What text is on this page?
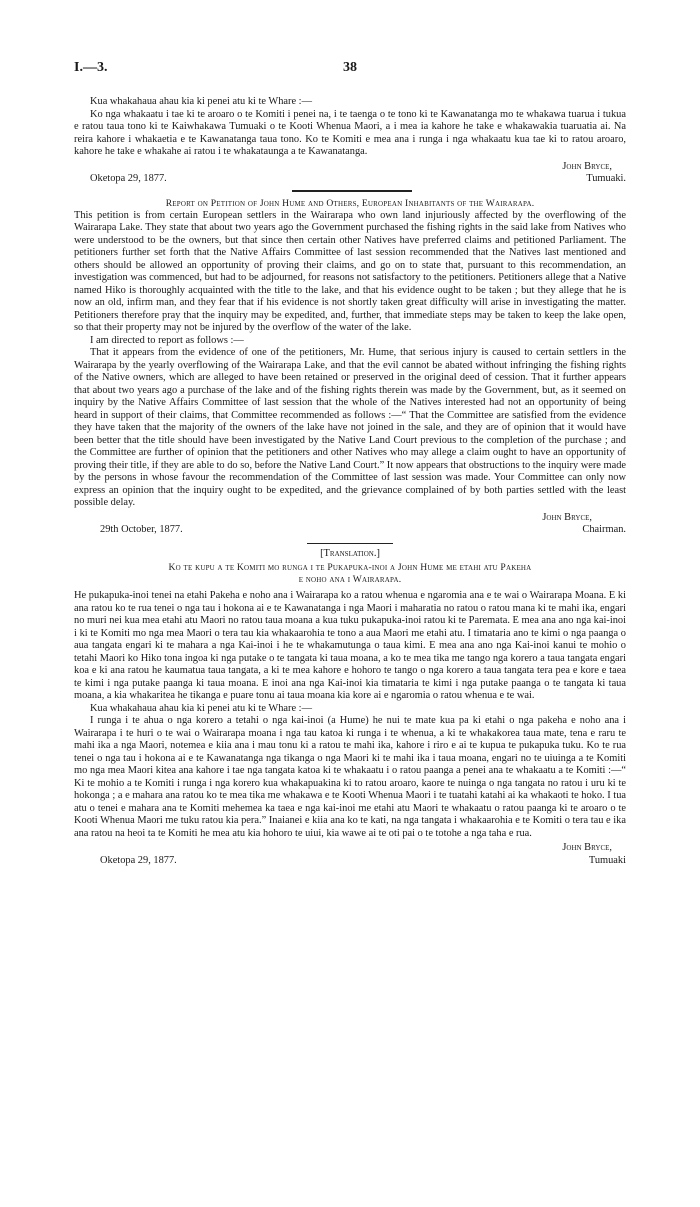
I.—3.	38

Kua whakahaua ahau kia ki penei atu ki te Whare :—

Ko nga whakaatu i tae ki te aroaro o te Komiti i penei na, i te taenga o te tono ki te Kawanatanga mo te whakawa tuarua i tukua e ratou taua tono ki te Kaiwhakawa Tumuaki o te Kooti Whenua Maori, a i mea ia kahore he take e whakawakia tuaruatia ai. Na reira kahore i whakaetia e te Kawanatanga taua tono. Ko te Komiti e mea ana i runga i nga whakaatu kua tae ki to ratou aroaro, kahore he take e whakahe ai ratou i te whakataunga a te Kawanatanga.

John Bryce,
Oketopa 29, 1877.	Tumuaki.

Report on Petition of John Hume and Others, European Inhabitants of the Wairarapa.

This petition is from certain European settlers in the Wairarapa who own land injuriously affected by the overflowing of the Wairarapa Lake. They state that about two years ago the Government purchased the fishing rights in the said lake from Natives who were understood to be the owners, but that since then certain other Natives have preferred claims and petitioned Parliament. The petitioners further set forth that the Native Affairs Committee of last session recommended that the Natives last mentioned and others should be allowed an opportunity of proving their claims, and go on to state that, pursuant to this recommendation, an investigation was commenced, but had to be adjourned, for reasons not satisfactory to the petitioners. Petitioners allege that a Native named Hiko is thoroughly acquainted with the title to the lake, and that his evidence ought to be taken ; but they allege that he is now an old, infirm man, and they fear that if his evidence is not shortly taken great difficulty will arise in investigating the matter. Petitioners therefore pray that the inquiry may be expedited, and, further, that immediate steps may be taken to keep the lake open, so that their property may not be injured by the overflow of the water of the lake.

I am directed to report as follows :—

That it appears from the evidence of one of the petitioners, Mr. Hume, that serious injury is caused to certain settlers in the Wairarapa by the yearly overflowing of the Wairarapa Lake, and that the evil cannot be abated without infringing the fishing rights of the Native owners, which are alleged to have been retained or preserved in the original deed of cession. That it further appears that about two years ago a purchase of the lake and of the fishing rights therein was made by the Government, but, as it seemed on inquiry by the Native Affairs Committee of last session that the whole of the Natives interested had not an opportunity of being heard in support of their claims, that Committee recommended as follows :—“ That the Committee are satisfied from the evidence they have taken that the majority of the owners of the lake have not joined in the sale, and they are of opinion that it would have been better that the title should have been investigated by the Native Land Court previous to the completion of the purchase ; and the Committee are further of opinion that the petitioners and other Natives who may allege a claim ought to have an opportunity of proving their title, if they are able to do so, before the Native Land Court.” It now appears that obstructions to the inquiry were made by the persons in whose favour the recommendation of the Committee of last session was made. Your Committee can only now express an opinion that the inquiry ought to be expedited, and the grievance complained of by both parties settled with the least possible delay.

John Bryce,
29th October, 1877.	Chairman.

[Translation.]

Ko te kupu a te Komiti mo runga i te Pukapuka-inoi a John Hume me etahi atu Pakeha

e noho ana i Wairarapa.

He pukapuka-inoi tenei na etahi Pakeha e noho ana i Wairarapa ko a ratou whenua e ngaromia ana e te wai o Wairarapa Moana. E ki ana ratou ko te rua tenei o nga tau i hokona ai e te Kawanatanga i nga Maori i maharatia no ratou o ratou mana ki te mahi ika, engari no muri nei kua mea etahi atu Maori no ratou taua moana a kua tuku pukapuka-inoi ratou ki te Paremata. E mea ana ano nga kai-inoi i ki te Komiti mo nga mea Maori o tera tau kia whakaarohia te tono a aua Maori me etahi atu. I timataria ano te kimi o nga paanga o aua tangata engari ki te mahara a nga Kai-inoi i he te whakamutunga o taua kimi. E mea ana ano nga Kai-inoi kanui te mohio o tetahi Maori ko Hiko tona ingoa ki nga putake o te tangata ki taua moana, a ko te mea tika me tango nga korero a taua tangata engari koa e ki ana ratou he kaumatua taua tangata, a ki te mea kahore e hohoro te tango o nga korero a taua tangata tera pea e kore e taea te kimi i nga putake paanga ki taua moana. E inoi ana nga Kai-inoi kia timataria te kimi i nga putake paanga o te tangata ki taua moana, a kia whakaritea he tikanga e puare tonu ai taua moana kia kore ai e ngaromia o ratou whenua e te wai.

Kua whakahaua ahau kia ki penei atu ki te Whare :—

I runga i te ahua o nga korero a tetahi o nga kai-inoi (a Hume) he nui te mate kua pa ki etahi o nga pakeha e noho ana i Wairarapa i te huri o te wai o Wairarapa moana i nga tau katoa ki runga i te whenua, a ki te whakakorea taua mate, tena e raru te mahi ika a nga Maori, notemea e kiia ana i mau tonu ki a ratou te mahi ika, kahore i riro e ai te kupua te pukapuka tuku. Ko te rua tenei o nga tau i hokona ai e te Kawanatanga nga tikanga o nga Maori ki te mahi ika i taua moana, engari no te uiuinga a te Komiti mo nga mea Maori kitea ana kahore i tae nga tangata katoa ki te whakaatu i o ratou paanga a penei ana te whakaatu a te Komiti :—“ Ki te mohio a te Komiti i runga i nga korero kua whakapuakina ki to ratou aroaro, kaore te nuinga o nga tangata no ratou i uru ki te hokonga ; a e mahara ana ratou ko te mea tika me whakawa e te Kooti Whenua Maori i te tuatahi katahi ai ka whakaoti te hoko. I tua atu o tenei e mahara ana te Komiti mehemea ka taea e nga kai-inoi me etahi atu Maori te whakaatu o ratou paanga ki te aroaro o te Kooti Whenua Maori me tuku ratou kia pera.” Inaianei e kiia ana ko te kati, na nga tangata i whakaarohia e te Komiti o tera tau e ika ana ratou na heoi ta te Komiti he mea atu kia hohoro te uiui, kia wawe ai te oti pai o te totohe a nga taha e rua.

John Bryce,
Oketopa 29, 1877.	Tumuaki
